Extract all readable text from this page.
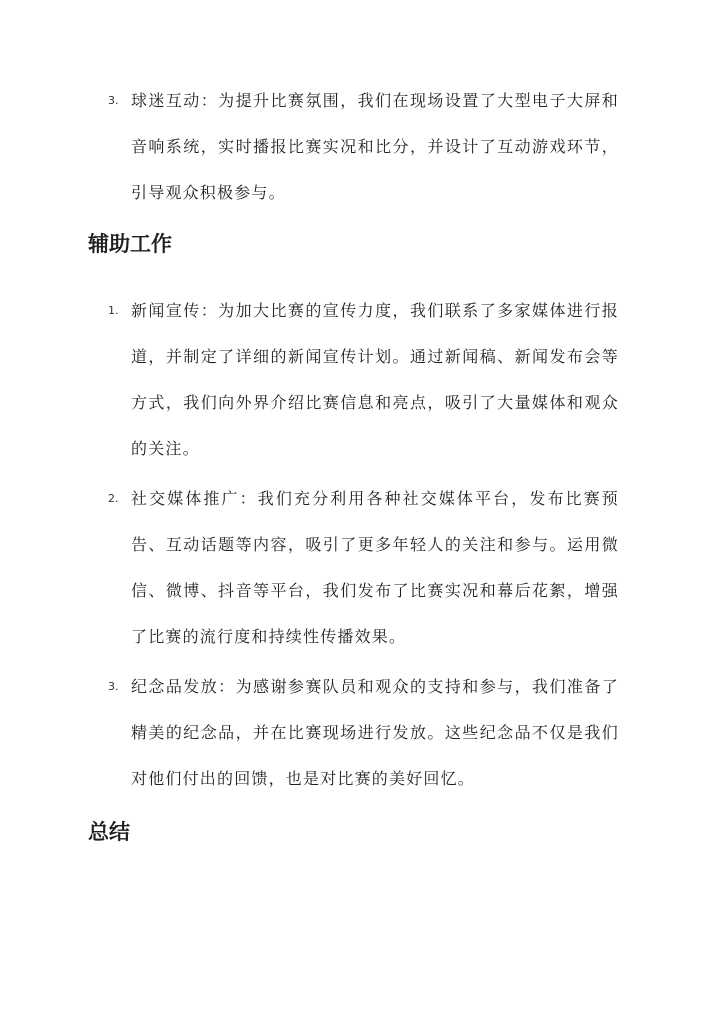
3. 球迷互动：为提升比赛氛围，我们在现场设置了大型电子大屏和音响系统，实时播报比赛实况和比分，并设计了互动游戏环节，引导观众积极参与。

辅助工作
1. 新闻宣传：为加大比赛的宣传力度，我们联系了多家媒体进行报道，并制定了详细的新闻宣传计划。通过新闻稿、新闻发布会等方式，我们向外界介绍比赛信息和亮点，吸引了大量媒体和观众的关注。

2. 社交媒体推广：我们充分利用各种社交媒体平台，发布比赛预告、互动话题等内容，吸引了更多年轻人的关注和参与。运用微信、微博、抖音等平台，我们发布了比赛实况和幕后花絮，增强了比赛的流行度和持续性传播效果。

3. 纪念品发放：为感谢参赛队员和观众的支持和参与，我们准备了精美的纪念品，并在比赛现场进行发放。这些纪念品不仅是我们对他们付出的回馈，也是对比赛的美好回忆。

总结
